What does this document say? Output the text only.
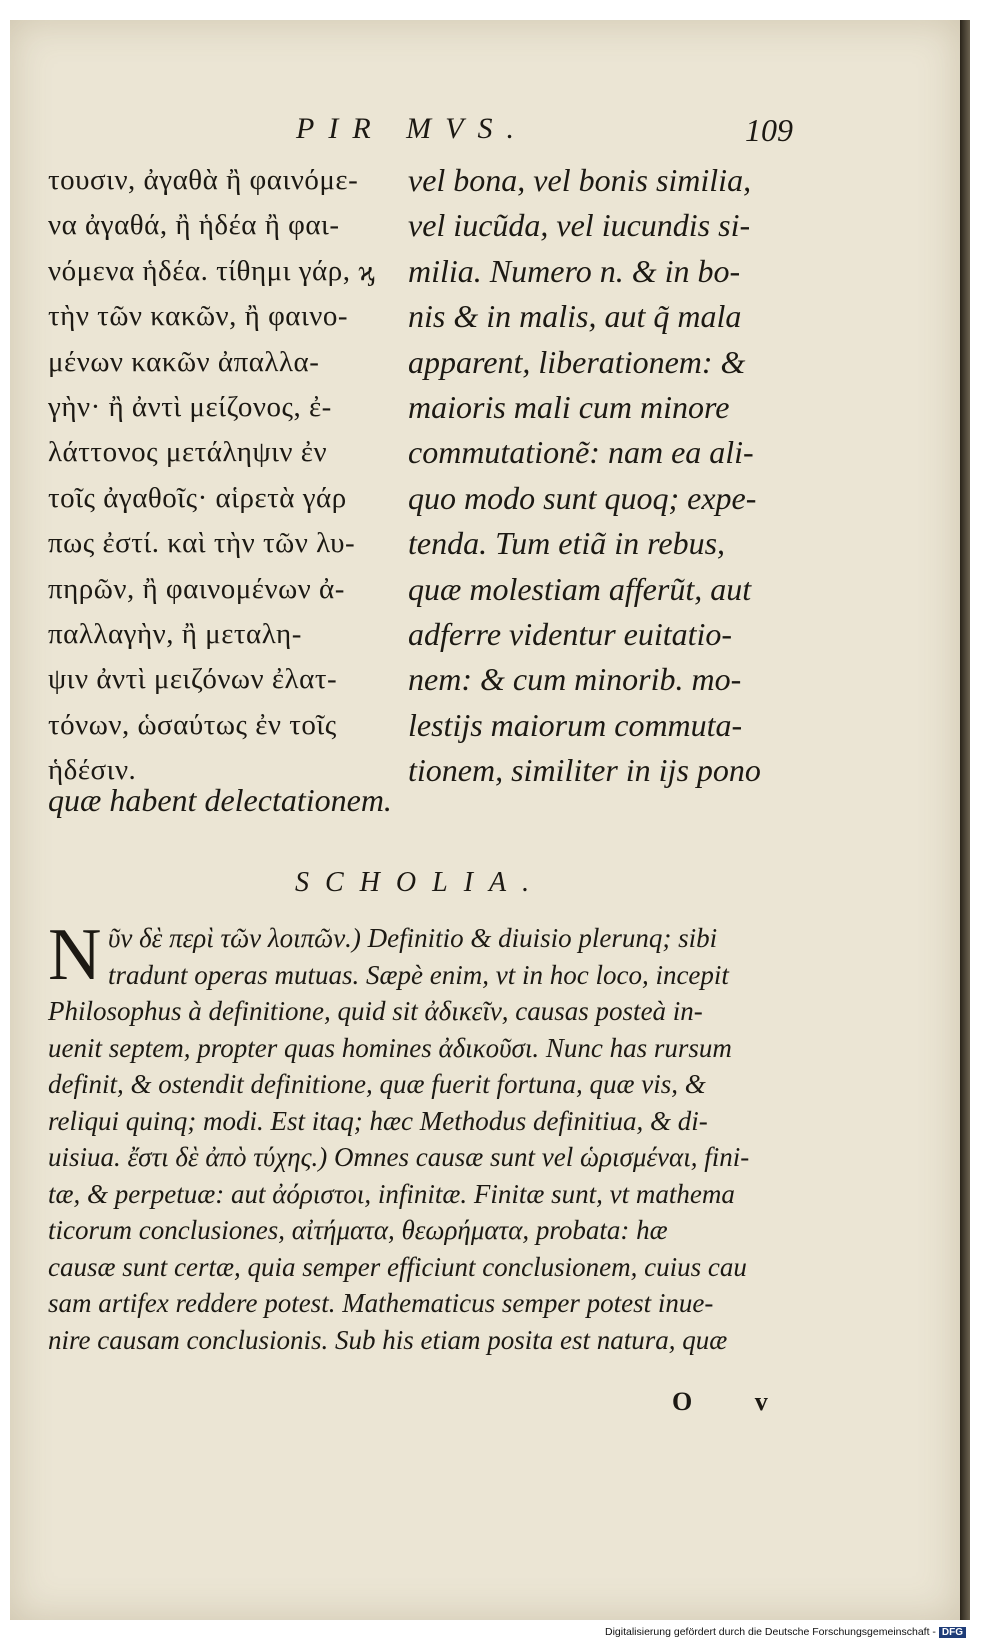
PIR MVS.	109
τουσιν, ἀγαθὰ ἢ φαινόμε-
να ἀγαθά, ἢ ἡδέα ἢ φαι-
νόμενα ἡδέα. τίθημι γάρ, ϗ
τὴν τῶν κακῶν, ἢ φαινο-
μένων κακῶν ἀπαλλα-
γὴν· ἢ ἀντὶ μείζονος, ἐ-
λάττονος μετάληψιν ἐν
τοῖς ἀγαθοῖς· αἱρετὰ γάρ
πως ἐστί. καὶ τὴν τῶν λυ-
πηρῶν, ἢ φαινομένων ἀ-
παλλαγὴν, ἢ μεταλη-
ψιν ἀντὶ μειζόνων ἐλατ-
τόνων, ὡσαύτως ἐν τοῖς
ἡδέσιν.
vel bona, vel bonis similia,
vel iucũda, vel iucundis si-
milia. Numero n. & in bo-
nis & in malis, aut q̃ mala
apparent, liberationem: &
maioris mali cum minore
commutationẽ: nam ea ali-
quo modo sunt quoq; expe-
tenda. Tum etiã in rebus,
quæ molestiam afferũt, aut
adferre videntur euitatio-
nem: & cum minorib. mo-
lestijs maiorum commuta-
tionem, similiter in ijs pono
quæ habent delectationem.
SCHOLIA.
N ῦν δὲ περὶ τῶν λοιπῶν.) Definitio & diuisio plerunq; sibi
tradunt operas mutuas. Sæpè enim, vt in hoc loco, incepit
Philosophus à definitione, quid sit ἀδικεῖν, causas posteà in-
uenit septem, propter quas homines ἀδικοῦσι. Nunc has rursum
definit, & ostendit definitione, quæ fuerit fortuna, quæ vis, &
reliqui quinq; modi. Est itaq; hæc Methodus definitiua, & di-
uisiua. ἔστι δὲ ἀπὸ τύχης.) Omnes causæ sunt vel ὡρισμέναι, fini-
tæ, & perpetuæ: aut ἀόριστοι, infinitæ. Finitæ sunt, vt mathema
ticorum conclusiones, αἰτήματα, θεωρήματα, probata: hæ
causæ sunt certæ, quia semper efficiunt conclusionem, cuius cau
sam artifex reddere potest. Mathematicus semper potest inue-
nire causam conclusionis. Sub his etiam posita est natura, quæ
O v
Digitalisierung gefördert durch die Deutsche Forschungsgemeinschaft - DFG
